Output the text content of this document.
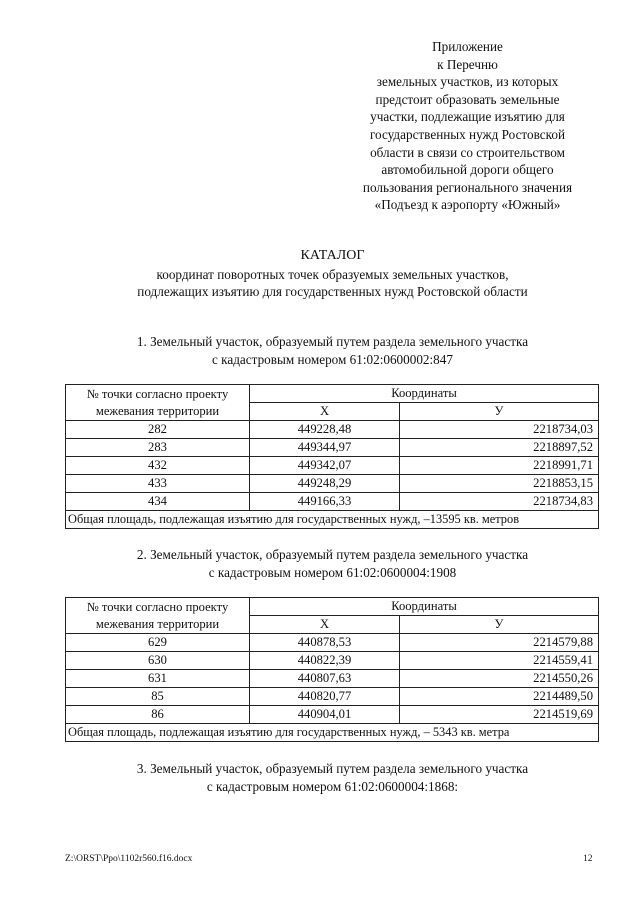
Приложение
к Перечню
земельных участков, из которых
предстоит образовать земельные
участки, подлежащие изъятию для
государственных нужд Ростовской
области в связи со строительством
автомобильной дороги общего
пользования регионального значения
«Подъезд к аэропорту «Южный»
КАТАЛОГ
координат поворотных точек образуемых земельных участков,
подлежащих изъятию для государственных нужд Ростовской области
1. Земельный участок, образуемый путем раздела земельного участка
с кадастровым номером 61:02:0600002:847
№ точки согласно проекту
межевания территории	Координаты	
	X	У
282	449228,48	2218734,03
283	449344,97	2218897,52
432	449342,07	2218991,71
433	449248,29	2218853,15
434	449166,33	2218734,83
Общая площадь, подлежащая изъятию для государственных нужд, –13595 кв. метров		
2. Земельный участок, образуемый путем раздела земельного участка
с кадастровым номером 61:02:0600004:1908
№ точки согласно проекту
межевания территории	Координаты	
	X	У
629	440878,53	2214579,88
630	440822,39	2214559,41
631	440807,63	2214550,26
85	440820,77	2214489,50
86	440904,01	2214519,69
Общая площадь, подлежащая изъятию для государственных нужд, – 5343 кв. метра		
3. Земельный участок, образуемый путем раздела земельного участка
с кадастровым номером 61:02:0600004:1868:
Z:\ORST\Ppo\1102r560.f16.docx	12
